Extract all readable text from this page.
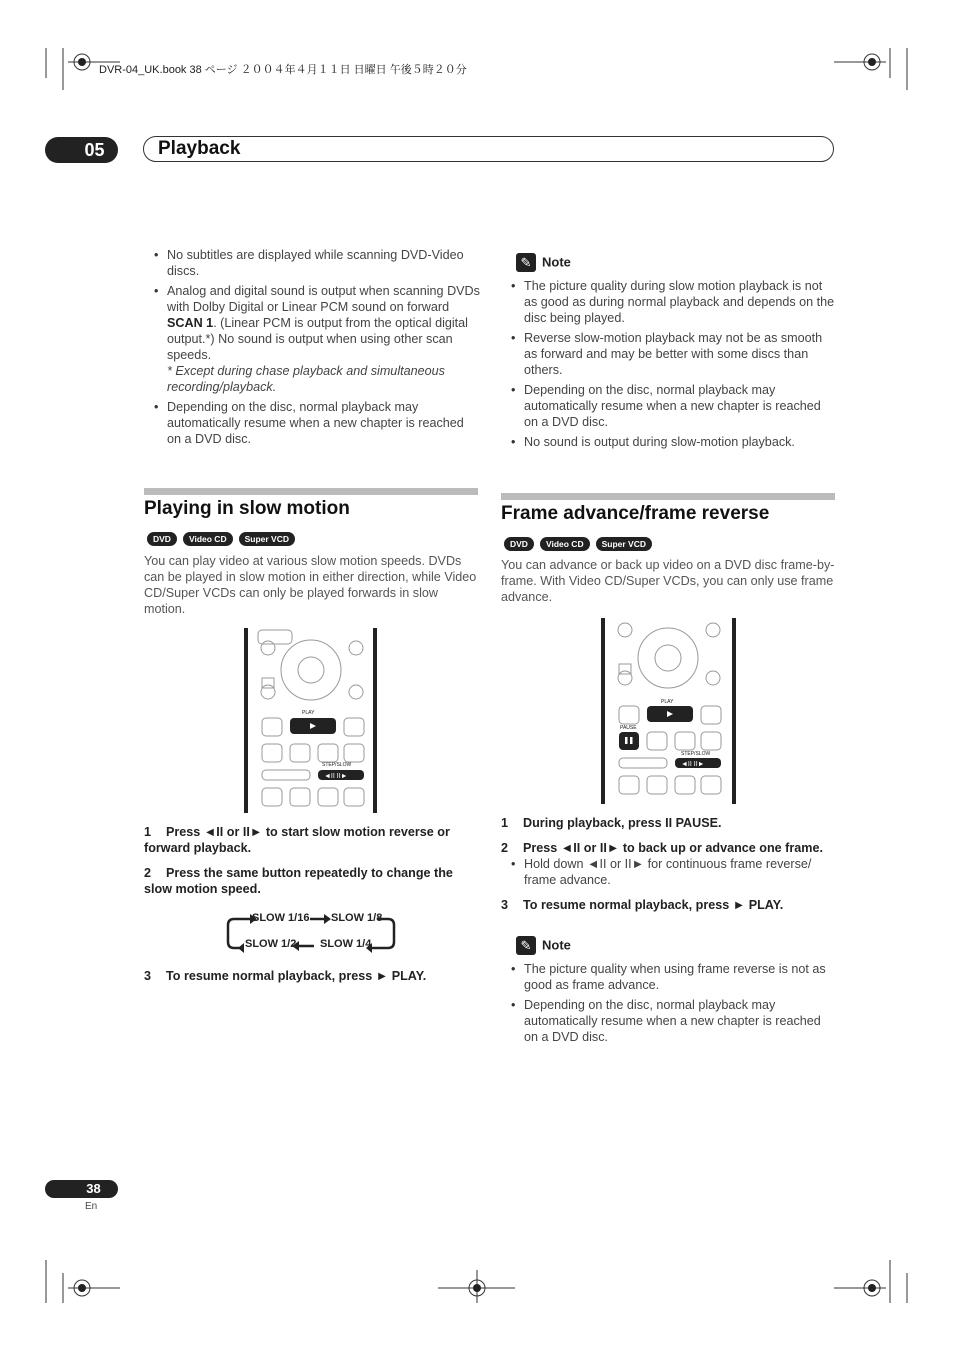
DVR-04_UK.book 38 ページ ２００４年４月１１日 日曜日 午後５時２０分
05	Playback
• No subtitles are displayed while scanning DVD-Video discs.
• Analog and digital sound is output when scanning DVDs with Dolby Digital or Linear PCM sound on forward SCAN 1. (Linear PCM is output from the optical digital output.*) No sound is output when using other scan speeds.
* Except during chase playback and simultaneous recording/playback.
• Depending on the disc, normal playback may automatically resume when a new chapter is reached on a DVD disc.
✎ Note
• The picture quality during slow motion playback is not as good as during normal playback and depends on the disc being played.
• Reverse slow-motion playback may not be as smooth as forward and may be better with some discs than others.
• Depending on the disc, normal playback may automatically resume when a new chapter is reached on a DVD disc.
• No sound is output during slow-motion playback.
Playing in slow motion
DVD Video CD Super VCD
You can play video at various slow motion speeds. DVDs can be played in slow motion in either direction, while Video CD/Super VCDs can only be played forwards in slow motion.
◄II II►
PLAY
STEP/SLOW
1 Press ◄II or II► to start slow motion reverse or forward playback.
2 Press the same button repeatedly to change the slow motion speed.
SLOW 1/16 SLOW 1/8
SLOW 1/2 SLOW 1/4
3 To resume normal playback, press ► PLAY.
Frame advance/frame reverse
DVD Video CD Super VCD
You can advance or back up video on a DVD disc frame-by-frame. With Video CD/Super VCDs, you can only use frame advance.
◄II II►
PLAY
PAUSE
STEP/SLOW
1 During playback, press II PAUSE.
2 Press ◄II or II► to back up or advance one frame.
• Hold down ◄II or II► for continuous frame reverse/ frame advance.
3 To resume normal playback, press ► PLAY.
✎ Note
• The picture quality when using frame reverse is not as good as frame advance.
• Depending on the disc, normal playback may automatically resume when a new chapter is reached on a DVD disc.
38
En
